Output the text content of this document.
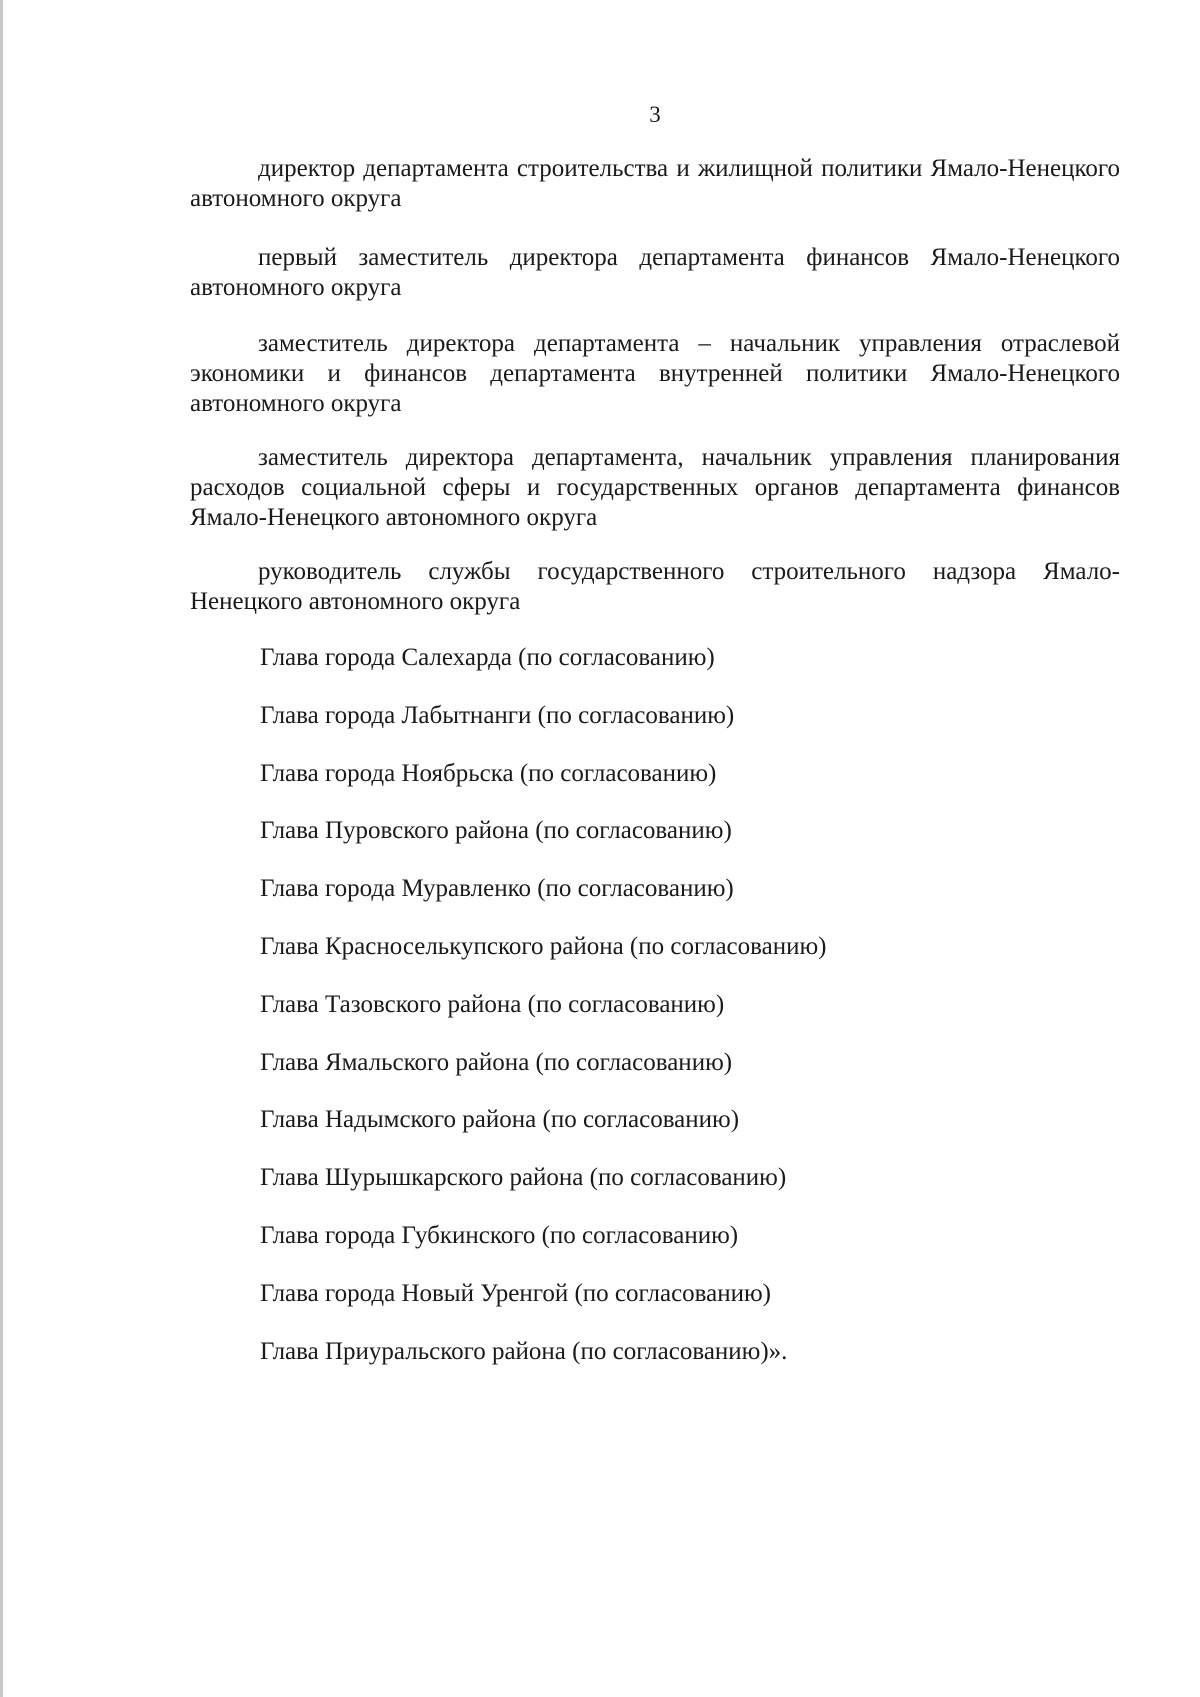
3

директор департамента строительства и жилищной политики Ямало-Ненецкого автономного округа

первый заместитель директора департамента финансов Ямало-Ненецкого автономного округа

заместитель директора департамента – начальник управления отраслевой экономики и финансов департамента внутренней политики Ямало-Ненецкого автономного округа

заместитель директора департамента, начальник управления планирования расходов социальной сферы и государственных органов департамента финансов Ямало-Ненецкого автономного округа

руководитель службы государственного строительного надзора Ямало-Ненецкого автономного округа

Глава города Салехарда (по согласованию)
Глава города Лабытнанги (по согласованию)
Глава города Ноябрьска (по согласованию)
Глава Пуровского района (по согласованию)
Глава города Муравленко (по согласованию)
Глава Красноселькупского района (по согласованию)
Глава Тазовского района (по согласованию)
Глава Ямальского района (по согласованию)
Глава Надымского района (по согласованию)
Глава Шурышкарского района (по согласованию)
Глава города Губкинского (по согласованию)
Глава города Новый Уренгой (по согласованию)
Глава Приуральского района (по согласованию)».
